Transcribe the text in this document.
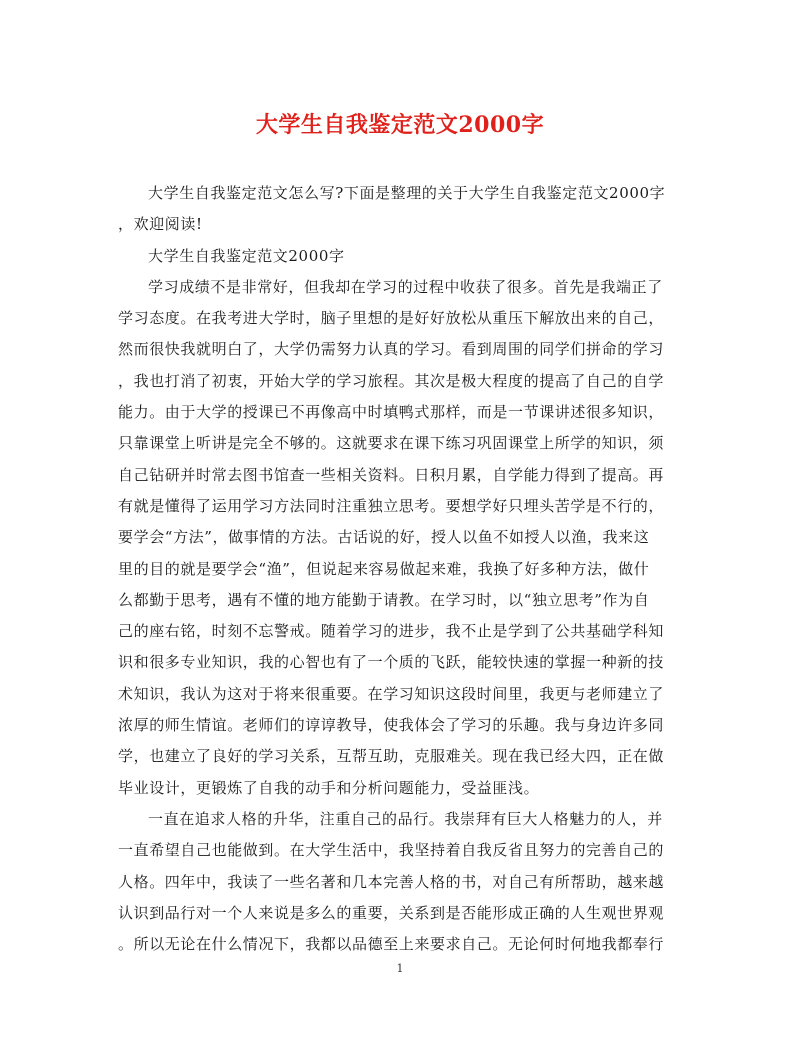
大学生自我鉴定范文2000字
大学生自我鉴定范文怎么写?下面是整理的关于大学生自我鉴定范文2000字
，欢迎阅读!
大学生自我鉴定范文2000字
学习成绩不是非常好，但我却在学习的过程中收获了很多。首先是我端正了
学习态度。在我考进大学时，脑子里想的是好好放松从重压下解放出来的自己，
然而很快我就明白了，大学仍需努力认真的学习。看到周围的同学们拼命的学习
，我也打消了初衷，开始大学的学习旅程。其次是极大程度的提高了自己的自学
能力。由于大学的授课已不再像高中时填鸭式那样，而是一节课讲述很多知识，
只靠课堂上听讲是完全不够的。这就要求在课下练习巩固课堂上所学的知识，须
自己钻研并时常去图书馆查一些相关资料。日积月累，自学能力得到了提高。再
有就是懂得了运用学习方法同时注重独立思考。要想学好只埋头苦学是不行的，
要学会“方法”，做事情的方法。古话说的好，授人以鱼不如授人以渔，我来这
里的目的就是要学会“渔”，但说起来容易做起来难，我换了好多种方法，做什
么都勤于思考，遇有不懂的地方能勤于请教。在学习时，以“独立思考”作为自
己的座右铭，时刻不忘警戒。随着学习的进步，我不止是学到了公共基础学科知
识和很多专业知识，我的心智也有了一个质的飞跃，能较快速的掌握一种新的技
术知识，我认为这对于将来很重要。在学习知识这段时间里，我更与老师建立了
浓厚的师生情谊。老师们的谆谆教导，使我体会了学习的乐趣。我与身边许多同
学，也建立了良好的学习关系，互帮互助，克服难关。现在我已经大四，正在做
毕业设计，更锻炼了自我的动手和分析问题能力，受益匪浅。
一直在追求人格的升华，注重自己的品行。我崇拜有巨大人格魅力的人，并
一直希望自己也能做到。在大学生活中，我坚持着自我反省且努力的完善自己的
人格。四年中，我读了一些名著和几本完善人格的书，对自己有所帮助，越来越
认识到品行对一个人来说是多么的重要，关系到是否能形成正确的人生观世界观
。所以无论在什么情况下，我都以品德至上来要求自己。无论何时何地我都奉行
1
